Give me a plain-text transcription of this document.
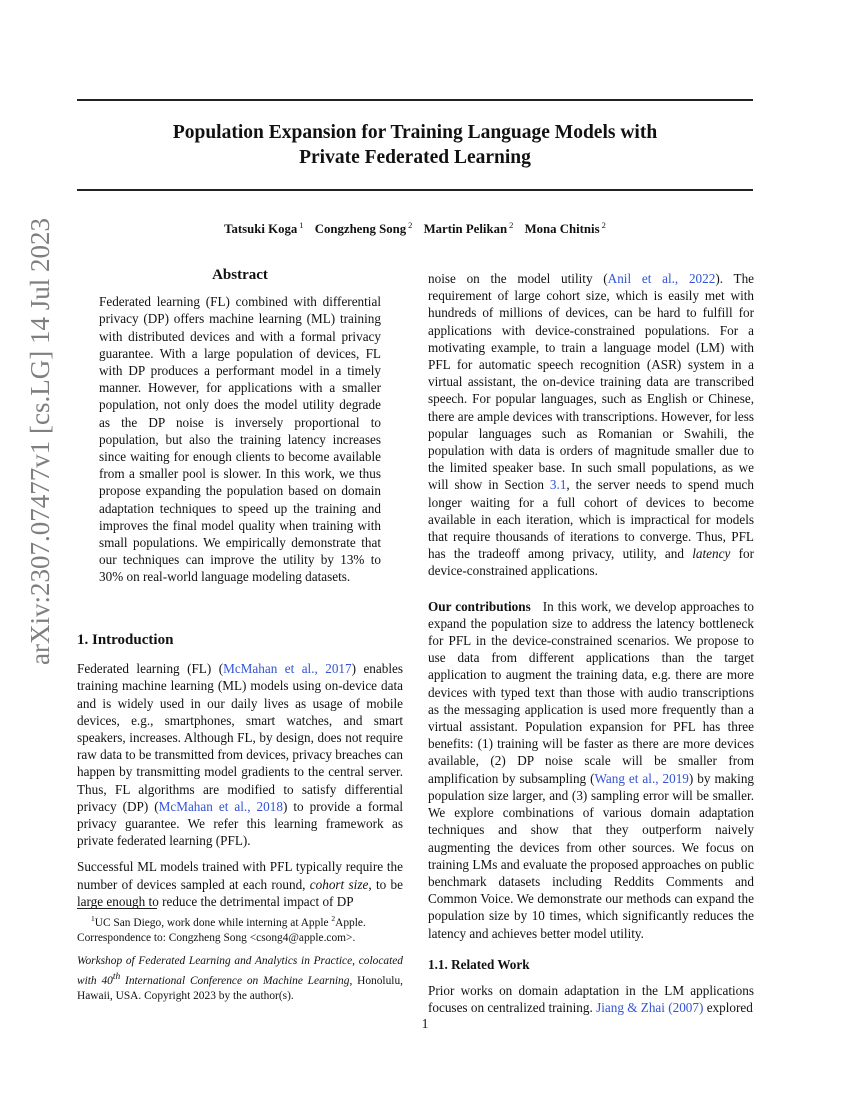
Population Expansion for Training Language Models with
Private Federated Learning
Tatsuki Koga $^1$ Congzheng Song $^2$ Martin Pelikan $^2$ Mona Chitnis $^2$
arXiv:2307.07477v1 [cs.LG] 14 Jul 2023	Abstract
Federated learning (FL) combined with differential privacy (DP) offers machine learning (ML) training with distributed devices and with a formal privacy guarantee. With a large population of devices, FL with DP produces a performant model in a timely manner. However, for applications with a smaller population, not only does the model utility degrade as the DP noise is inversely proportional to population, but also the training latency increases since waiting for enough clients to become available from a smaller pool is slower. In this work, we thus propose expanding the population based on domain adaptation techniques to speed up the training and improves the final model quality when training with small populations. We empirically demonstrate that our techniques can improve the utility by 13% to 30% on real-world language modeling datasets.
1. Introduction

Federated learning (FL) (McMahan et al., 2017) enables training machine learning (ML) models using on-device data and is widely used in our daily lives as usage of mobile devices, e.g., smartphones, smart watches, and smart speakers, increases. Although FL, by design, does not require raw data to be transmitted from devices, privacy breaches can happen by transmitting model gradients to the central server. Thus, FL algorithms are modified to satisfy differential privacy (DP) (McMahan et al., 2018) to provide a formal privacy guarantee. We refer this learning framework as private federated learning (PFL).

Successful ML models trained with PFL typically require the number of devices sampled at each round, cohort size, to be large enough to reduce the detrimental impact of DP

$^1$UC San Diego, work done while interning at Apple $^2$Apple. Correspondence to: Congzheng Song <csong4@apple.com>.
Workshop of Federated Learning and Analytics in Practice, colocated with 40th International Conference on Machine Learning, Honolulu, Hawaii, USA. Copyright 2023 by the author(s).

noise on the model utility (Anil et al., 2022). The requirement of large cohort size, which is easily met with hundreds of millions of devices, can be hard to fulfill for applications with device-constrained populations. For a motivating example, to train a language model (LM) with PFL for automatic speech recognition (ASR) system in a virtual assistant, the on-device training data are transcribed speech. For popular languages, such as English or Chinese, there are ample devices with transcriptions. However, for less popular languages such as Romanian or Swahili, the population with data is orders of magnitude smaller due to the limited speaker base. In such small populations, as we will show in Section 3.1, the server needs to spend much longer waiting for a full cohort of devices to become available in each iteration, which is impractical for models that require thousands of iterations to converge. Thus, PFL has the tradeoff among privacy, utility, and latency for device-constrained applications.

Our contributions In this work, we develop approaches to expand the population size to address the latency bottleneck for PFL in the device-constrained scenarios. We propose to use data from different applications than the target application to augment the training data, e.g. there are more devices with typed text than those with audio transcriptions as the messaging application is used more frequently than a virtual assistant. Population expansion for PFL has three benefits: (1) training will be faster as there are more devices available, (2) DP noise scale will be smaller from amplification by subsampling (Wang et al., 2019) by making population size larger, and (3) sampling error will be smaller. We explore combinations of various domain adaptation techniques and show that they outperform naively augmenting the devices from other sources. We focus on training LMs and evaluate the proposed approaches on public benchmark datasets including Reddits Comments and Common Voice. We demonstrate our methods can expand the population size by 10 times, which significantly reduces the latency and achieves better model utility.

1.1. Related Work

Prior works on domain adaptation in the LM applications focuses on centralized training. Jiang & Zhai (2007) explored

1
